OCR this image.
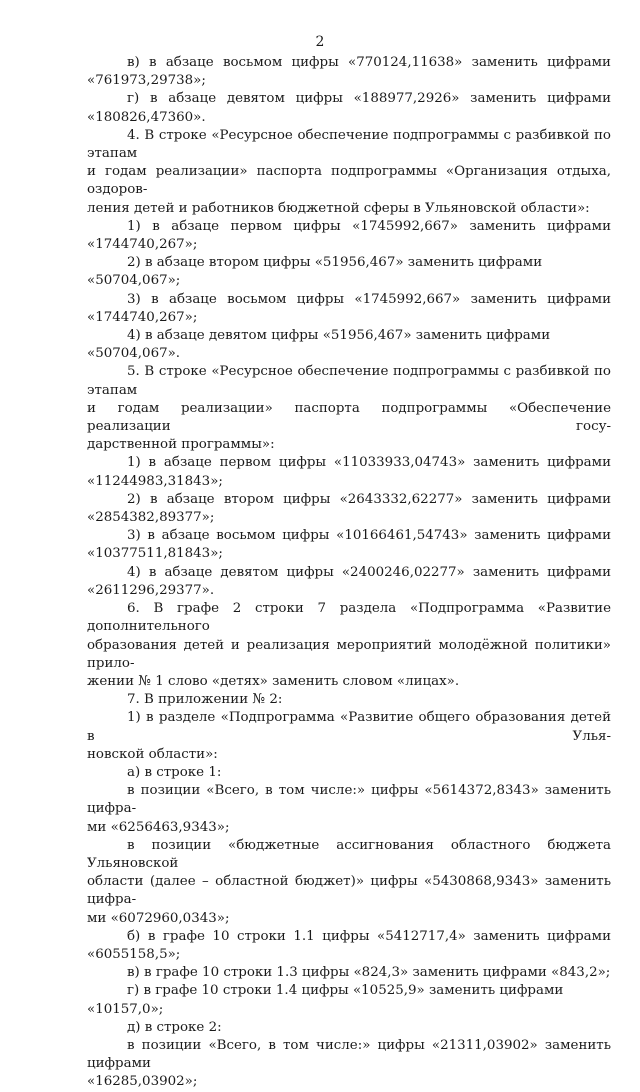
2
в) в абзаце восьмом цифры «770124,11638» заменить цифрами
«761973,29738»;
г) в абзаце девятом цифры «188977,2926» заменить цифрами
«180826,47360».
4. В строке «Ресурсное обеспечение подпрограммы с разбивкой по этапам
и годам реализации» паспорта подпрограммы «Организация отдыха, оздоров-
ления детей и работников бюджетной сферы в Ульяновской области»:
1) в абзаце первом цифры «1745992,667» заменить цифрами
«1744740,267»;
2) в абзаце втором цифры «51956,467» заменить цифрами «50704,067»;
3) в абзаце восьмом цифры «1745992,667» заменить цифрами
«1744740,267»;
4) в абзаце девятом цифры «51956,467» заменить цифрами «50704,067».
5. В строке «Ресурсное обеспечение подпрограммы с разбивкой по этапам
и годам реализации» паспорта подпрограммы «Обеспечение реализации госу-
дарственной программы»:
1) в абзаце первом цифры «11033933,04743» заменить цифрами
«11244983,31843»;
2) в абзаце втором цифры «2643332,62277» заменить цифрами
«2854382,89377»;
3) в абзаце восьмом цифры «10166461,54743» заменить цифрами
«10377511,81843»;
4) в абзаце девятом цифры «2400246,02277» заменить цифрами
«2611296,29377».
6. В графе 2 строки 7 раздела «Подпрограмма «Развитие дополнительного
образования детей и реализация мероприятий молодёжной политики» прило-
жении № 1 слово «детях» заменить словом «лицах».
7. В приложении № 2:
1) в разделе «Подпрограмма «Развитие общего образования детей в Улья-
новской области»:
а) в строке 1:
в позиции «Всего, в том числе:» цифры «5614372,8343» заменить цифра-
ми «6256463,9343»;
в позиции «бюджетные ассигнования областного бюджета Ульяновской
области (далее – областной бюджет)» цифры «5430868,9343» заменить цифра-
ми «6072960,0343»;
б) в графе 10 строки 1.1 цифры «5412717,4» заменить цифрами
«6055158,5»;
в) в графе 10 строки 1.3 цифры «824,3» заменить цифрами «843,2»;
г) в графе 10 строки 1.4 цифры «10525,9» заменить цифрами «10157,0»;
д) в строке 2:
в позиции «Всего, в том числе:» цифры «21311,03902» заменить цифрами
«16285,03902»;
